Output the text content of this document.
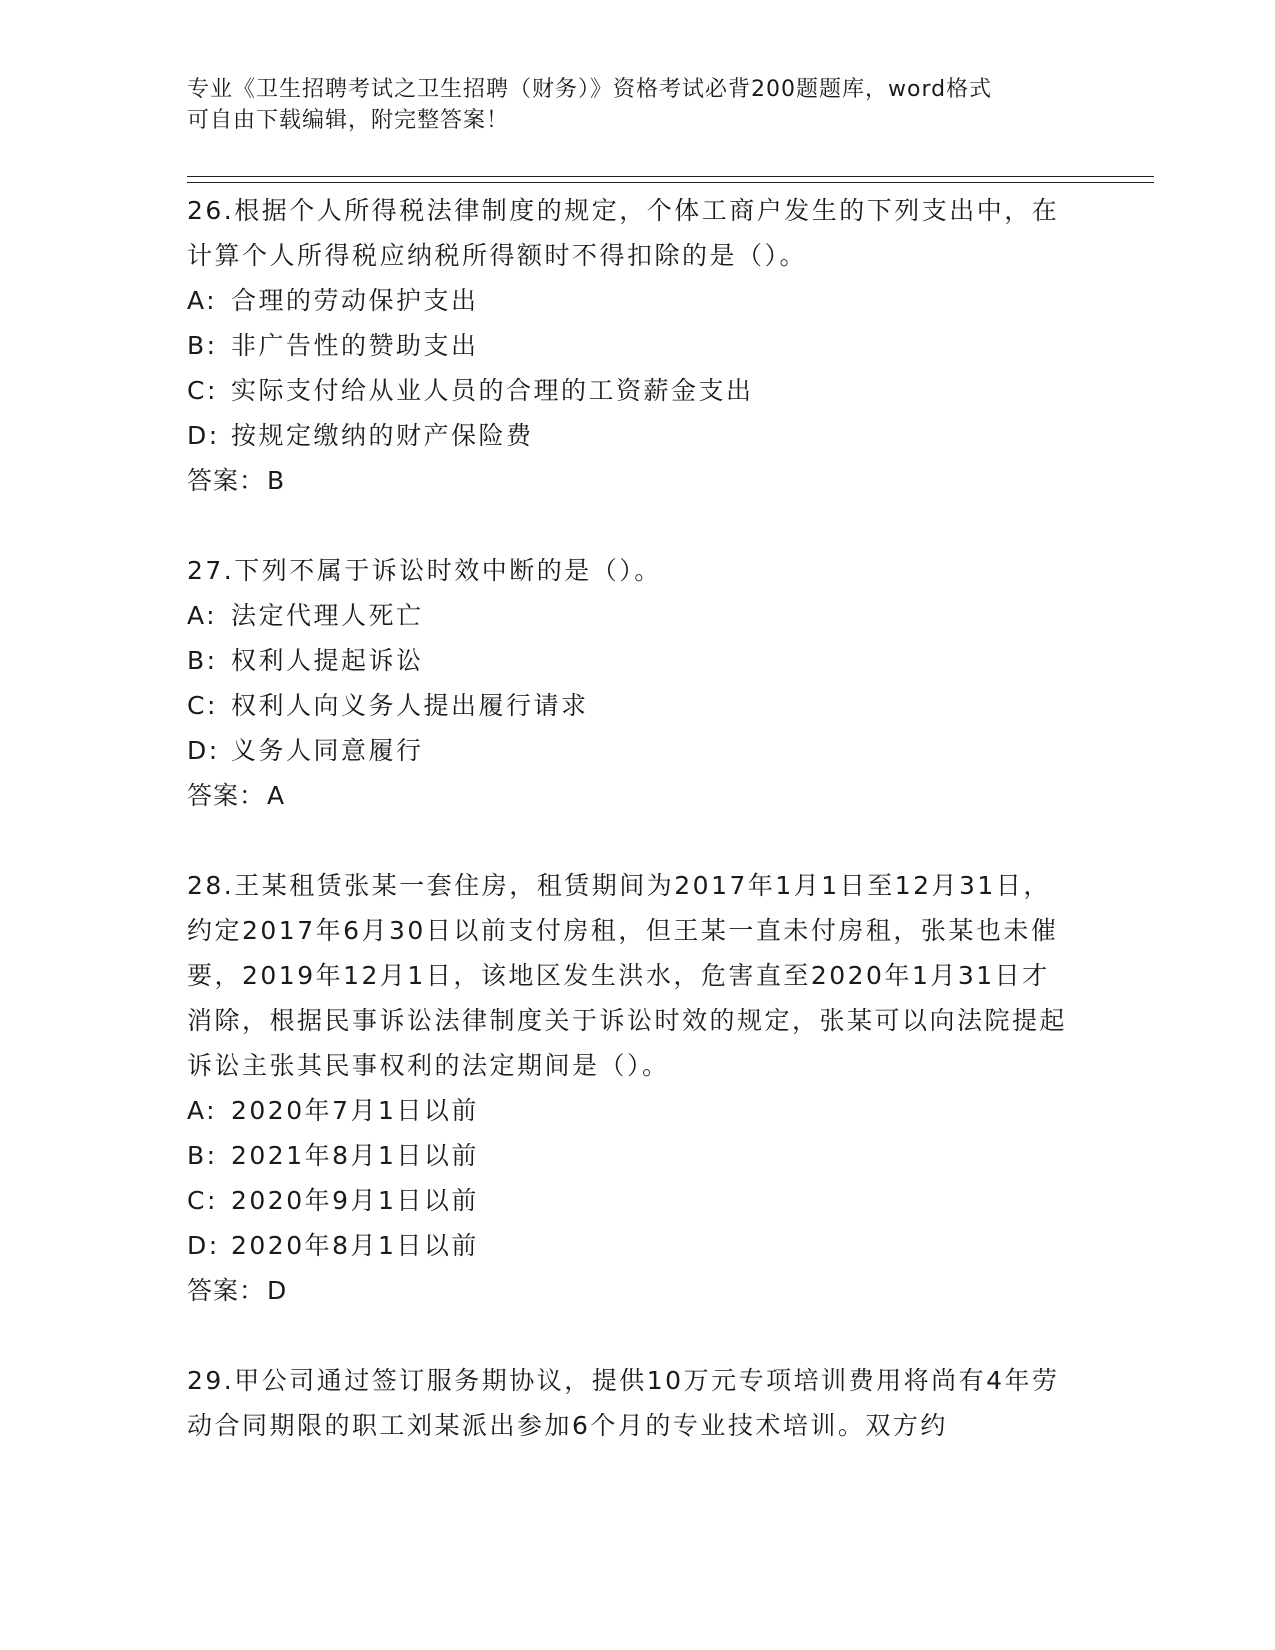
专业《卫生招聘考试之卫生招聘（财务）》资格考试必背200题题库，word格式

可自由下载编辑，附完整答案！

26.根据个人所得税法律制度的规定，个体工商户发生的下列支出中，在计算个人所得税应纳税所得额时不得扣除的是（）。

A: 合理的劳动保护支出

B: 非广告性的赞助支出

C: 实际支付给从业人员的合理的工资薪金支出

D: 按规定缴纳的财产保险费

答案：B

27.下列不属于诉讼时效中断的是（）。

A: 法定代理人死亡

B: 权利人提起诉讼

C: 权利人向义务人提出履行请求

D: 义务人同意履行

答案：A

28.王某租赁张某一套住房，租赁期间为2017年1月1日至12月31日，约定2017年6月30日以前支付房租，但王某一直未付房租，张某也未催要，2019年12月1日，该地区发生洪水，危害直至2020年1月31日才消除，根据民事诉讼法律制度关于诉讼时效的规定，张某可以向法院提起诉讼主张其民事权利的法定期间是（）。

A: 2020年7月1日以前

B: 2021年8月1日以前

C: 2020年9月1日以前

D: 2020年8月1日以前

答案：D

29.甲公司通过签订服务期协议，提供10万元专项培训费用将尚有4年劳动合同期限的职工刘某派出参加6个月的专业技术培训。双方约
